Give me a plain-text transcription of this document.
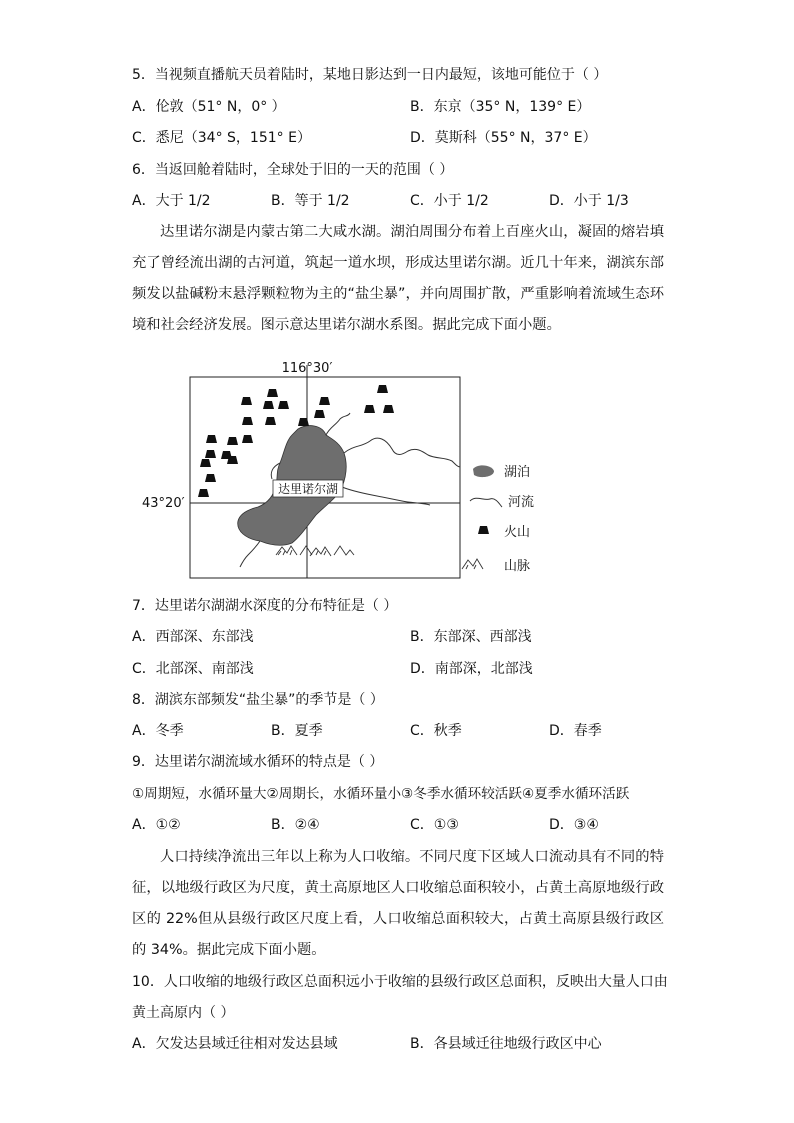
5．当视频直播航天员着陆时，某地日影达到一日内最短，该地可能位于（ ）
A．伦敦（51° N，0° ）	B．东京（35° N，139° E）
C．悉尼（34° S，151° E）	D．莫斯科（55° N，37° E）
6．当返回舱着陆时，全球处于旧的一天的范围（ ）
A．大于 1/2	B．等于 1/2	C．小于 1/2	D．小于 1/3
达里诺尔湖是内蒙古第二大咸水湖。湖泊周围分布着上百座火山，凝固的熔岩填充了曾经流出湖的古河道，筑起一道水坝，形成达里诺尔湖。近几十年来，湖滨东部频发以盐碱粉末悬浮颗粒物为主的“盐尘暴”，并向周围扩散，严重影响着流域生态环境和社会经济发展。图示意达里诺尔湖水系图。据此完成下面小题。
达里诺尔湖
116°30′
43°20′
湖泊
河流
火山
山脉
7．达里诺尔湖湖水深度的分布特征是（ ）
A．西部深、东部浅	B．东部深、西部浅
C．北部深、南部浅	D．南部深，北部浅
8．湖滨东部频发“盐尘暴”的季节是（ ）
A．冬季	B．夏季	C．秋季	D．春季
9．达里诺尔湖流域水循环的特点是（ ）
①周期短，水循环量大②周期长，水循环量小③冬季水循环较活跃④夏季水循环活跃
A．①②	B．②④	C．①③	D．③④
人口持续净流出三年以上称为人口收缩。不同尺度下区域人口流动具有不同的特征，以地级行政区为尺度，黄土高原地区人口收缩总面积较小，占黄土高原地级行政区的 22%但从县级行政区尺度上看，人口收缩总面积较大，占黄土高原县级行政区的 34%。据此完成下面小题。
10．人口收缩的地级行政区总面积远小于收缩的县级行政区总面积，反映出大量人口由
黄土高原内（ ）
A．欠发达县域迁往相对发达县域	B．各县域迁往地级行政区中心
